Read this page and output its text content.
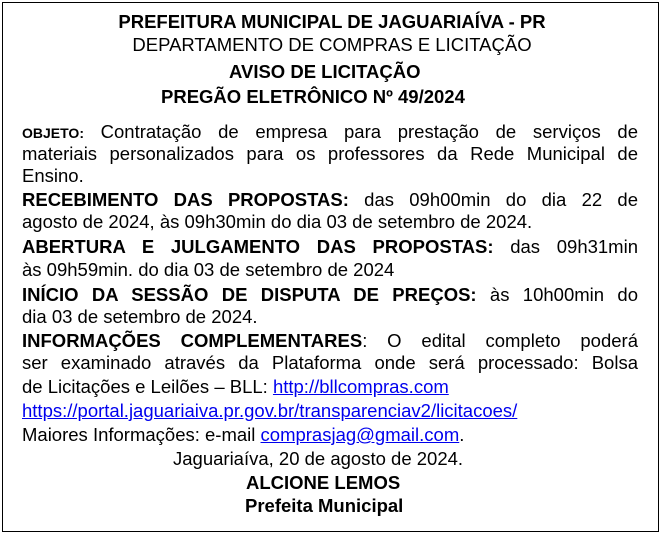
PREFEITURA MUNICIPAL DE JAGUARIAÍVA - PR
DEPARTAMENTO DE COMPRAS E LICITAÇÃO
AVISO DE LICITAÇÃO
PREGÃO ELETRÔNICO Nº 49/2024
OBJETO: Contratação de empresa para prestação de serviços de
materiais personalizados para os professores da Rede Municipal de
Ensino.
RECEBIMENTO DAS PROPOSTAS: das 09h00min do dia 22 de
agosto de 2024, às 09h30min do dia 03 de setembro de 2024.
ABERTURA E JULGAMENTO DAS PROPOSTAS: das 09h31min
às 09h59min. do dia 03 de setembro de 2024
INÍCIO DA SESSÃO DE DISPUTA DE PREÇOS: às 10h00min do
dia 03 de setembro de 2024.
INFORMAÇÕES COMPLEMENTARES: O edital completo poderá
ser examinado através da Plataforma onde será processado: Bolsa
de Licitações e Leilões – BLL: http://bllcompras.com
https://portal.jaguariaiva.pr.gov.br/transparenciav2/licitacoes/
Maiores Informações: e-mail comprasjag@gmail.com.
Jaguariaíva, 20 de agosto de 2024.
ALCIONE LEMOS
Prefeita Municipal
